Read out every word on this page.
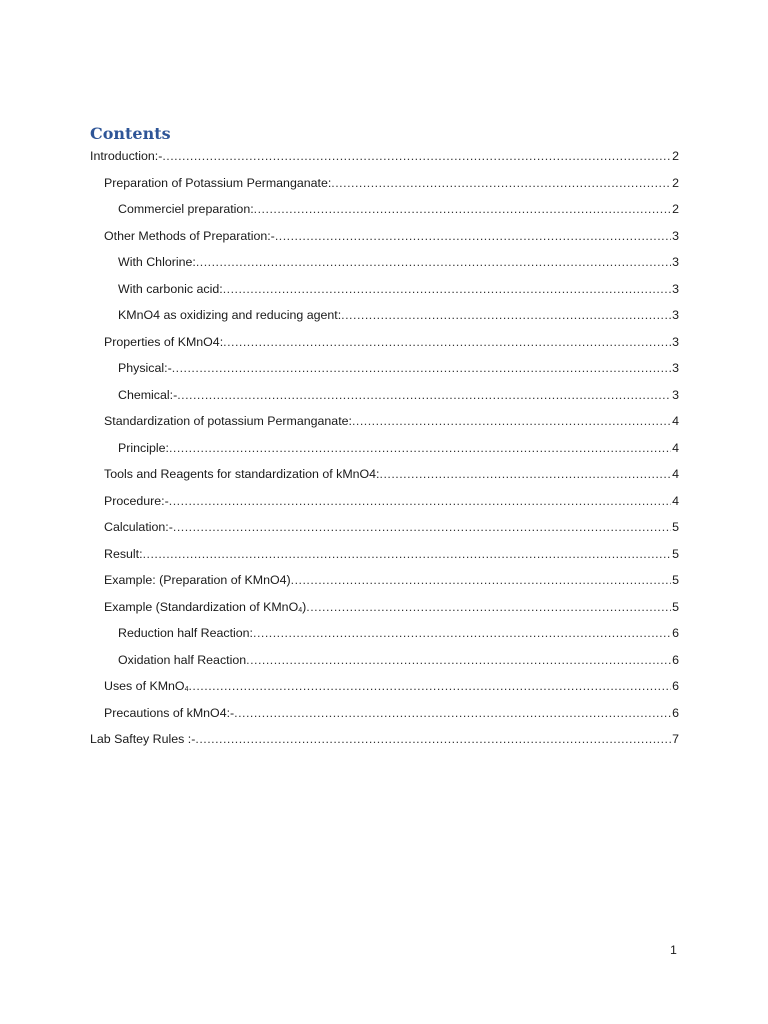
Contents
Introduction:- .....	2
Preparation of Potassium Permanganate: .....	2
Commerciel preparation: .....	2
Other Methods of Preparation:- .....	3
With Chlorine: .....	3
With carbonic acid: .....	3
KMnO4 as oxidizing and reducing agent: .....	3
Properties of KMnO4: .....	3
Physical:- .....	3
Chemical:- .....	3
Standardization of potassium Permanganate: .....	4
Principle: .....	4
Tools and Reagents for standardization of kMnO4: .....	4
Procedure:- .....	4
Calculation:- .....	5
Result: .....	5
Example: (Preparation of KMnO4) .....	5
Example (Standardization of KMnO$_4$) .....	5
Reduction half Reaction: .....	6
Oxidation half Reaction .....	6
Uses of KMnO$_4$ .....	6
Precautions of kMnO4:- .....	6
Lab Saftey Rules :- .....	7
1
